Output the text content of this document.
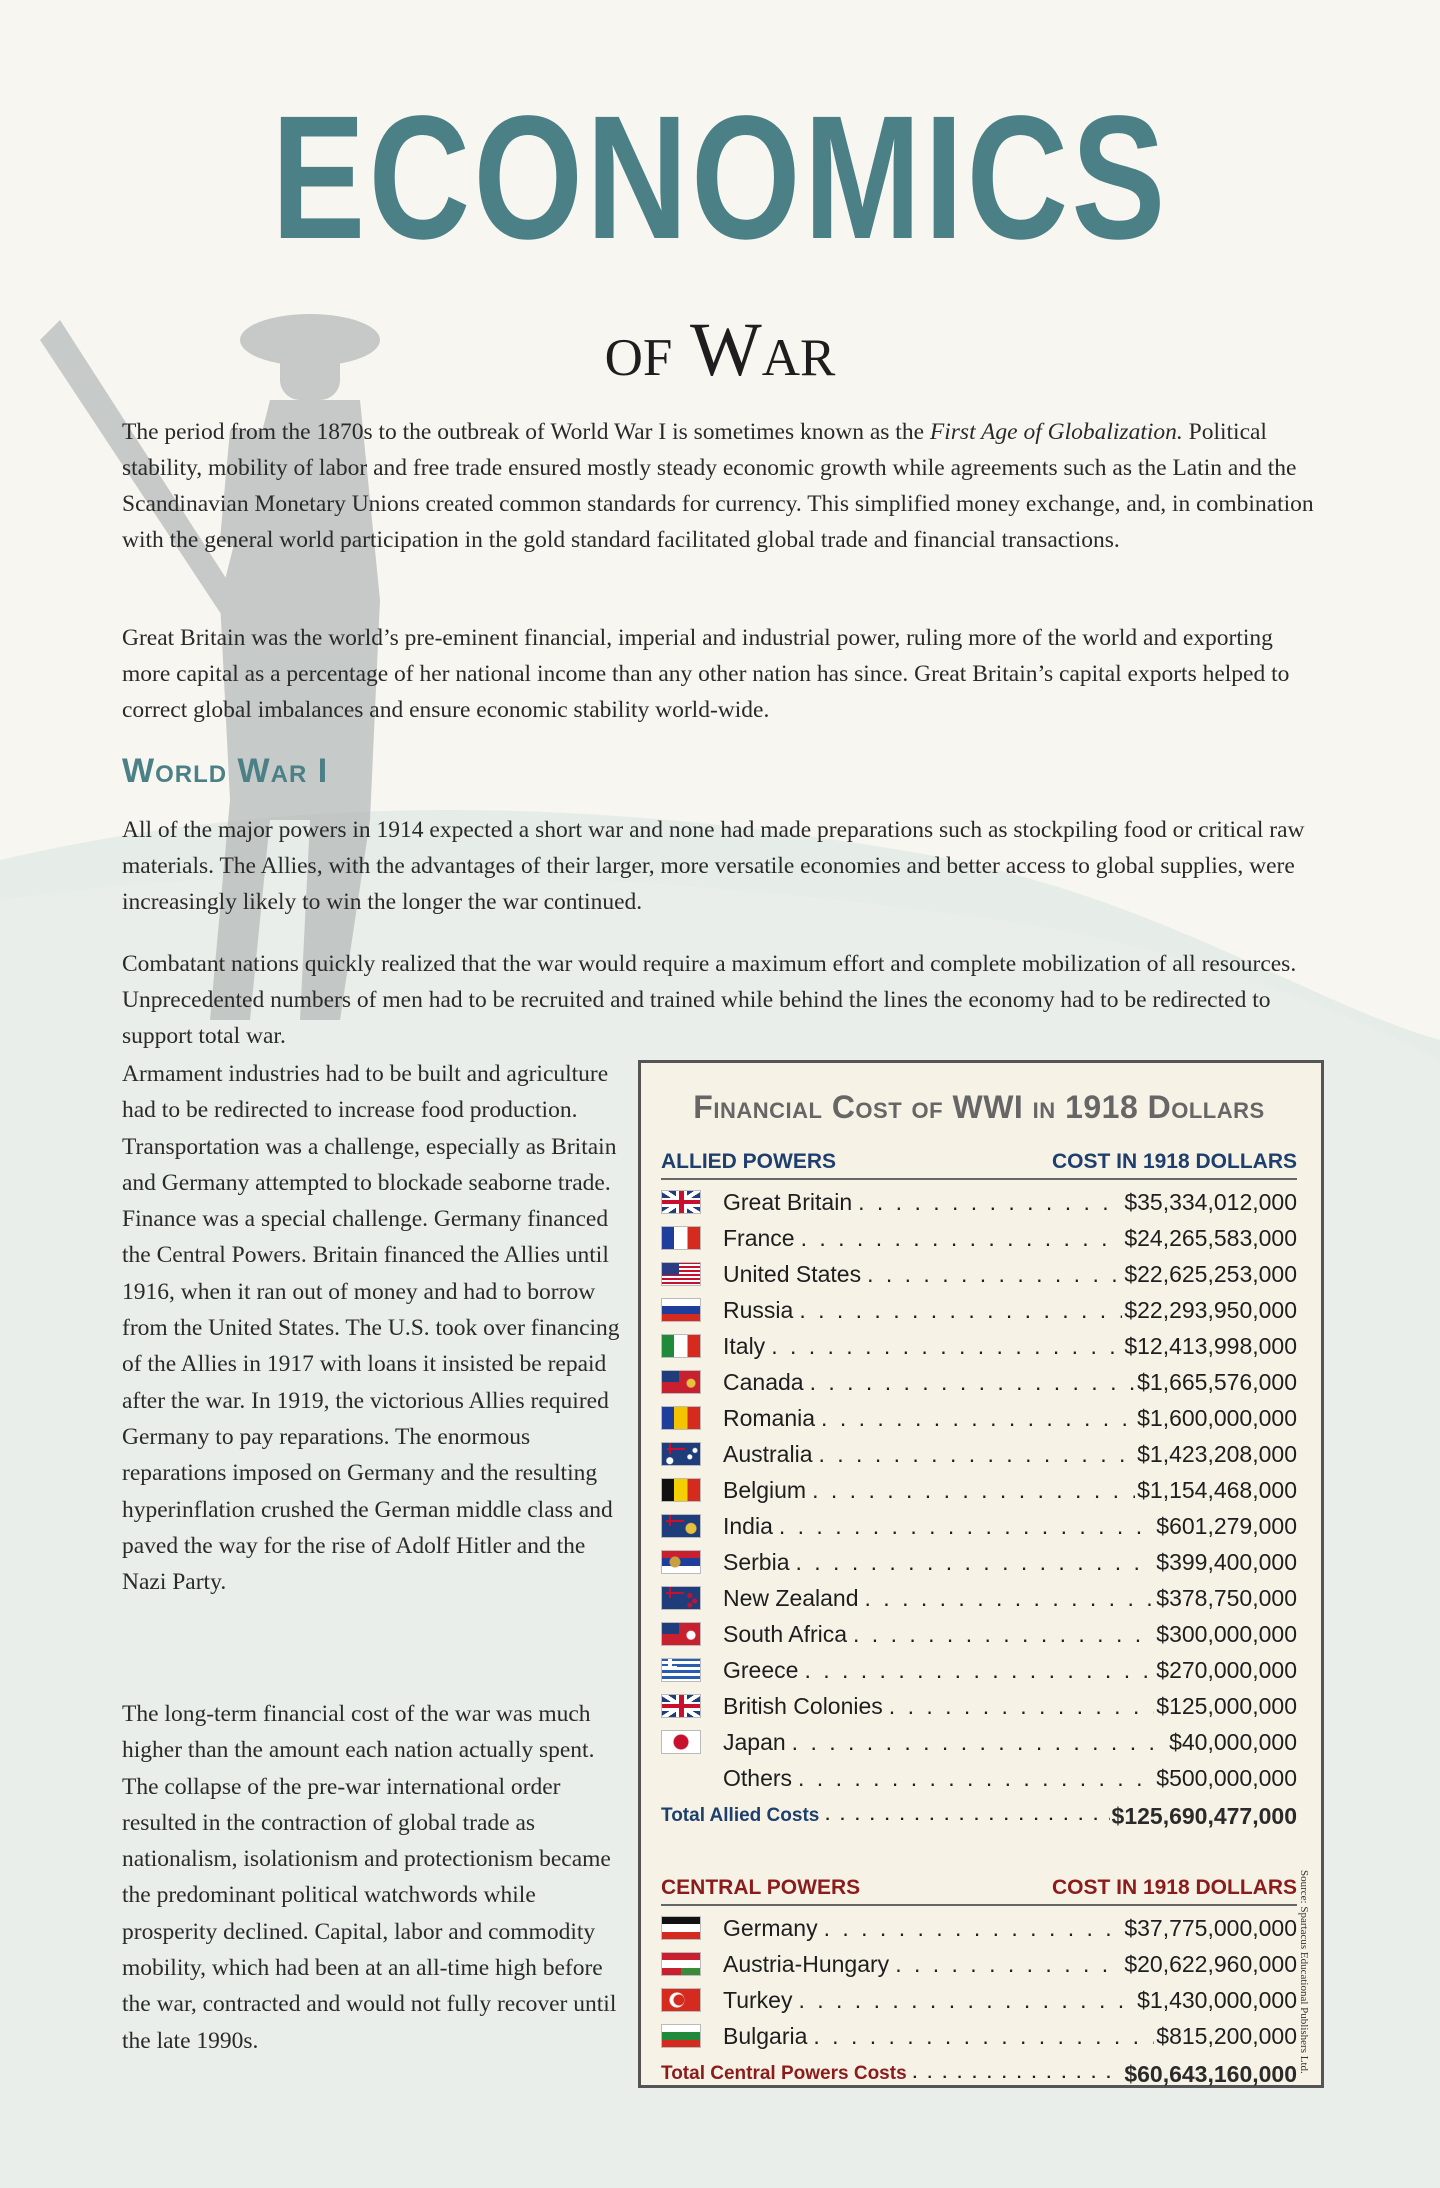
ECONOMICS
of War

The period from the 1870s to the outbreak of World War I is sometimes known as the First Age of Globalization. Political stability, mobility of labor and free trade ensured mostly steady economic growth while agreements such as the Latin and the Scandinavian Monetary Unions created common standards for currency. This simplified money exchange, and, in combination with the general world participation in the gold standard facilitated global trade and financial transactions.

Great Britain was the world’s pre-eminent financial, imperial and industrial power, ruling more of the world and exporting more capital as a percentage of her national income than any other nation has since. Great Britain’s capital exports helped to correct global imbalances and ensure economic stability world-wide.

World War I

All of the major powers in 1914 expected a short war and none had made preparations such as stockpiling food or critical raw materials. The Allies, with the advantages of their larger, more versatile economies and better access to global supplies, were increasingly likely to win the longer the war continued.

Combatant nations quickly realized that the war would require a maximum effort and complete mobilization of all resources. Unprecedented numbers of men had to be recruited and trained while behind the lines the economy had to be redirected to support total war.

Armament industries had to be built and agriculture had to be redirected to increase food production. Transportation was a challenge, especially as Britain and Germany attempted to blockade seaborne trade. Finance was a special challenge. Germany financed the Central Powers. Britain financed the Allies until 1916, when it ran out of money and had to borrow from the United States. The U.S. took over financing of the Allies in 1917 with loans it insisted be repaid after the war. In 1919, the victorious Allies required Germany to pay reparations. The enormous reparations imposed on Germany and the resulting hyperinflation crushed the German middle class and paved the way for the rise of Adolf Hitler and the Nazi Party.

The long-term financial cost of the war was much higher than the amount each nation actually spent. The collapse of the pre-war international order resulted in the contraction of global trade as nationalism, isolationism and protectionism became the predominant political watchwords while prosperity declined. Capital, labor and commodity mobility, which had been at an all-time high before the war, contracted and would not fully recover until the late 1990s.

Financial Cost of WWI in 1918 Dollars
ALLIED POWERS	COST IN 1918 DOLLARS
Great Britain . . .	$35,334,012,000
France . . .	$24,265,583,000
United States . . .	$22,625,253,000
Russia . . .	$22,293,950,000
Italy . . .	$12,413,998,000
Canada . . .	$1,665,576,000
Romania . . .	$1,600,000,000
Australia . . .	$1,423,208,000
Belgium . . .	$1,154,468,000
India . . .	$601,279,000
Serbia . . .	$399,400,000
New Zealand . . .	$378,750,000
South Africa . . .	$300,000,000
Greece . . .	$270,000,000
British Colonies . . .	$125,000,000
Japan . . .	$40,000,000
Others . . .	$500,000,000
Total Allied Costs . . .	$125,690,477,000
CENTRAL POWERS	COST IN 1918 DOLLARS
Germany . . .	$37,775,000,000
Austria-Hungary . . .	$20,622,960,000
Turkey . . .	$1,430,000,000
Bulgaria . . .	$815,200,000
Total Central Powers Costs . . .	$60,643,160,000 Source: Spartacus Educational Publishers Ltd.
